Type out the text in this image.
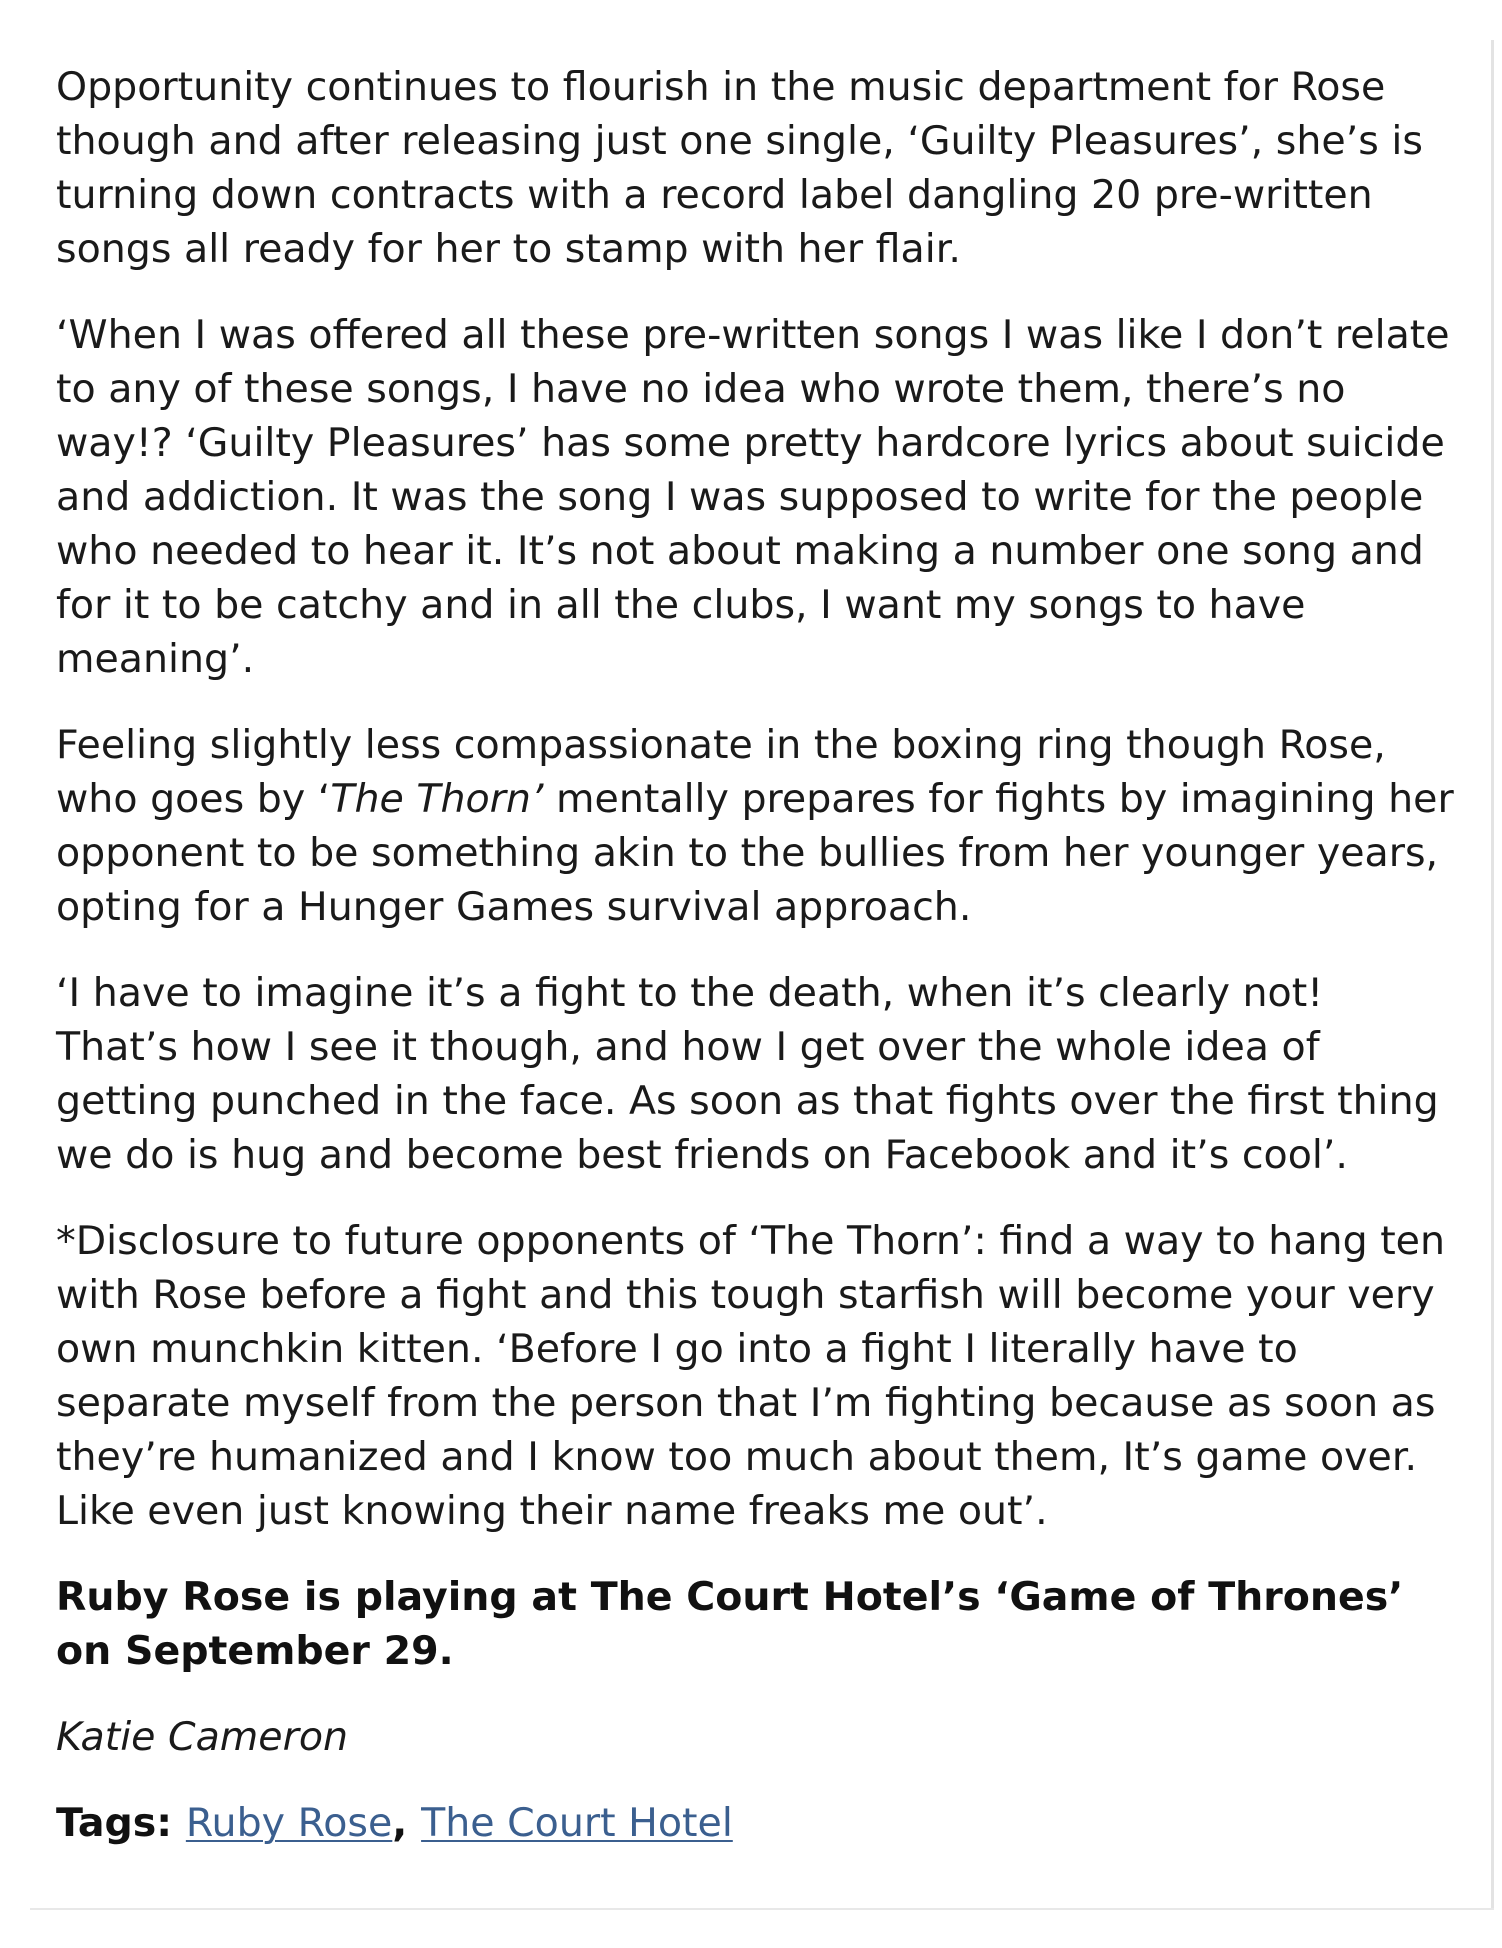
Opportunity continues to flourish in the music department for Rose though and after releasing just one single, ‘Guilty Pleasures’, she’s is turning down contracts with a record label dangling 20 pre-written songs all ready for her to stamp with her flair.

‘When I was offered all these pre-written songs I was like I don’t relate to any of these songs, I have no idea who wrote them, there’s no way!? ‘Guilty Pleasures’ has some pretty hardcore lyrics about suicide and addiction. It was the song I was supposed to write for the people who needed to hear it. It’s not about making a number one song and for it to be catchy and in all the clubs, I want my songs to have meaning’.

Feeling slightly less compassionate in the boxing ring though Rose, who goes by ‘The Thorn’ mentally prepares for fights by imagining her opponent to be something akin to the bullies from her younger years, opting for a Hunger Games survival approach.

‘I have to imagine it’s a fight to the death, when it’s clearly not! That’s how I see it though, and how I get over the whole idea of getting punched in the face. As soon as that fights over the first thing we do is hug and become best friends on Facebook and it’s cool’.

*Disclosure to future opponents of ‘The Thorn’: find a way to hang ten with Rose before a fight and this tough starfish will become your very own munchkin kitten. ‘Before I go into a fight I literally have to separate myself from the person that I’m fighting because as soon as they’re humanized and I know too much about them, It’s game over. Like even just knowing their name freaks me out’.

Ruby Rose is playing at The Court Hotel’s ‘Game of Thrones’ on September 29.

Katie Cameron

Tags: Ruby Rose, The Court Hotel
